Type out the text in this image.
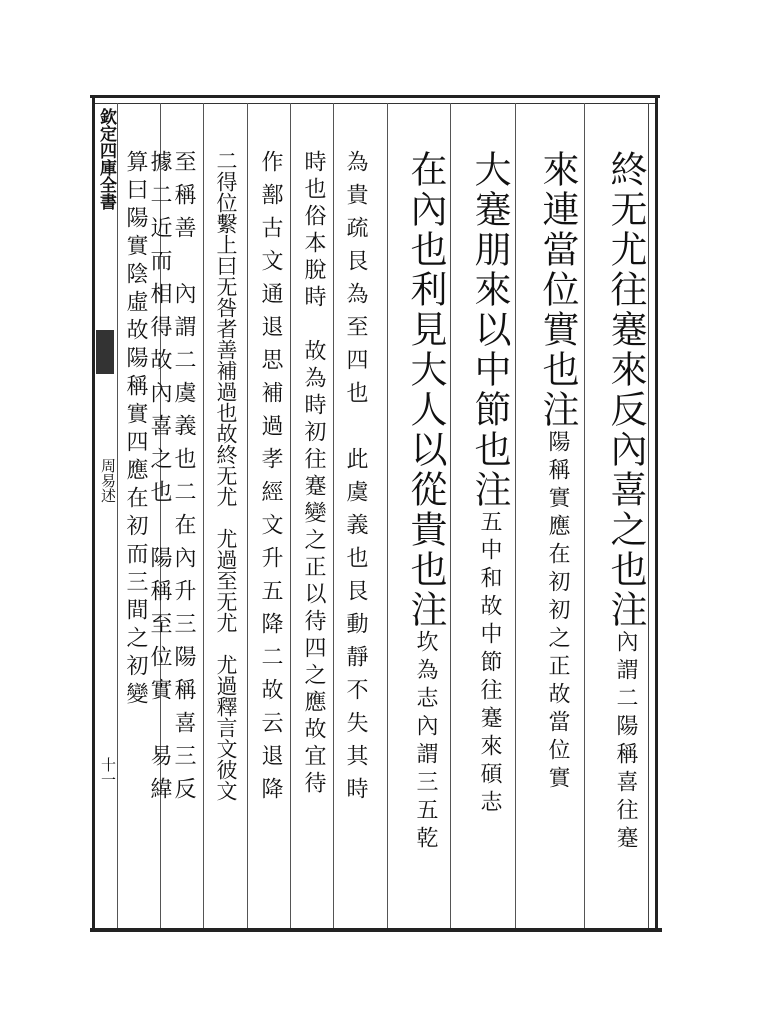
欽定四庫全書
周易述
十一
終无尤往蹇來反內喜之也注內謂二陽稱喜往蹇
來連當位實也注陽稱實應在初初之正故當位實
大蹇朋來以中節也注五中和故中節往蹇來碩志
在內也利見大人以從貴也注坎為志內謂三五乾
為貴疏艮為至四也　此虞義也艮動靜不失其時
時也俗本脫時　故為時初往蹇變之正以待四之應故宜待
作鄯古文通退思補過孝經文升五降二故云退降
二得位繫上曰无咎者善補過也故終无尤　尤過至无尤　尤過釋言文彼文
至稱善　內謂二虞義也二在內升三陽稱喜三反
據二近而相得故內喜之也　陽稱至位實　易緯
算曰陽實陰虛故陽稱實四應在初而三間之初變
